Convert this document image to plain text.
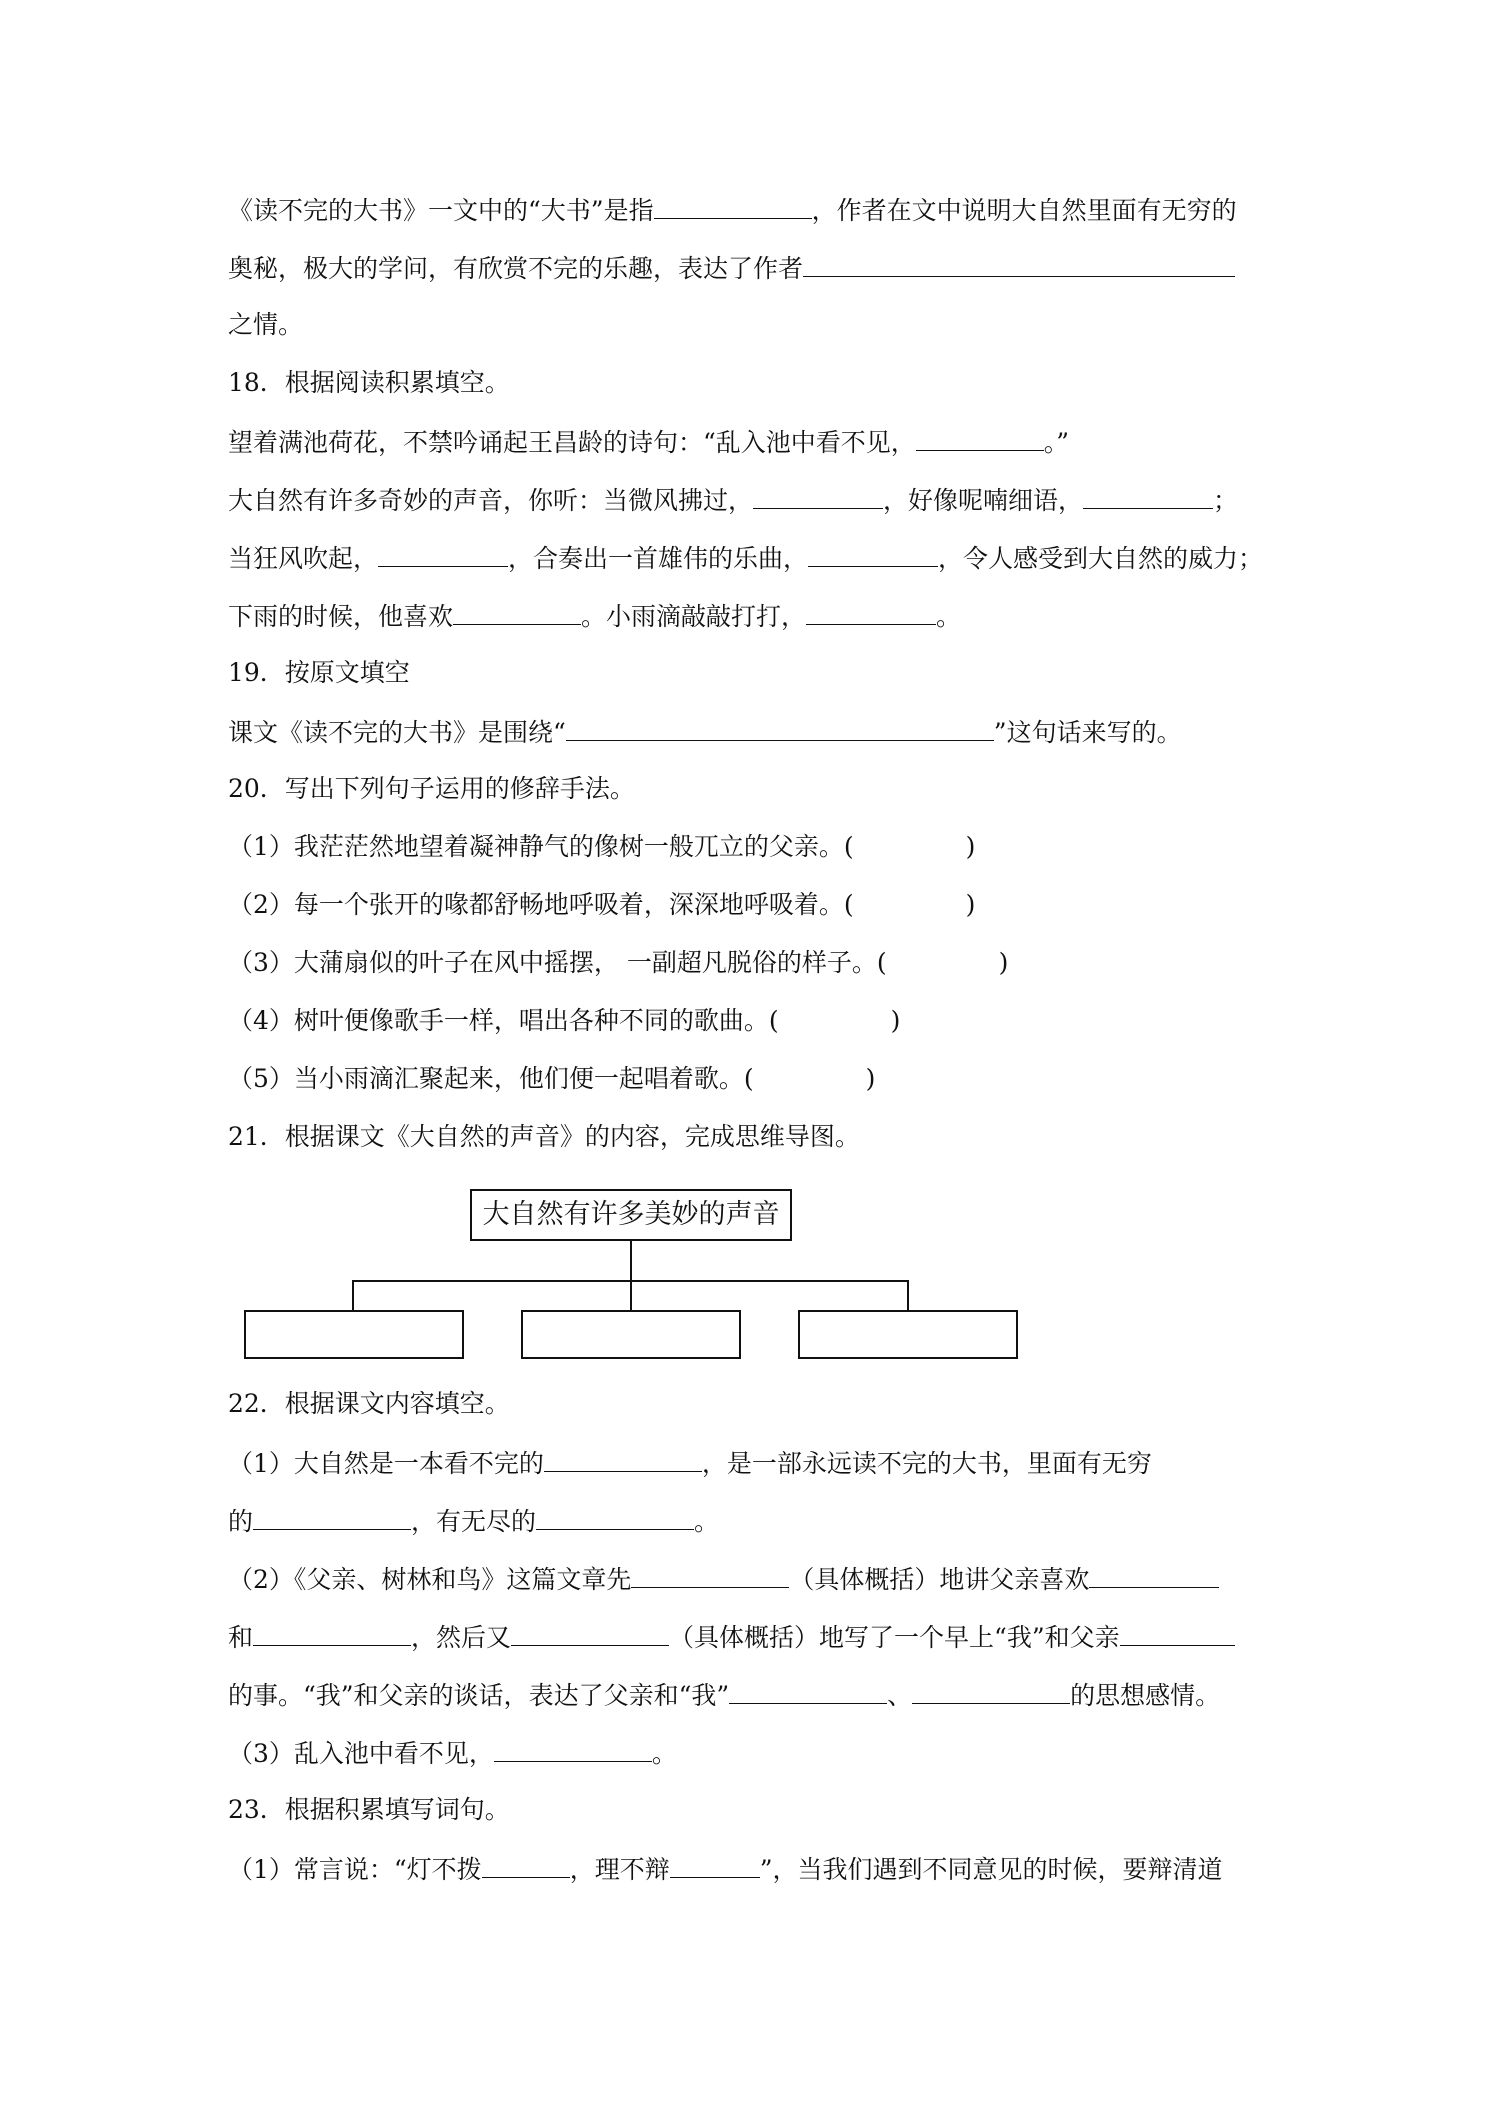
《读不完的大书》一文中的“大书”是指	，作者在文中说明大自然里面有无穷的
奥秘，极大的学问，有欣赏不完的乐趣，表达了作者
之情。
18．根据阅读积累填空。
望着满池荷花，不禁吟诵起王昌龄的诗句：“乱入池中看不见，	。”
大自然有许多奇妙的声音，你听：当微风拂过，	，好像呢喃细语，	；
当狂风吹起，	，合奏出一首雄伟的乐曲，	，令人感受到大自然的威力；
下雨的时候，他喜欢	。小雨滴敲敲打打，	。
19．按原文填空
课文《读不完的大书》是围绕“	”这句话来写的。
20．写出下列句子运用的修辞手法。
（1）我茫茫然地望着凝神静气的像树一般兀立的父亲。(	)
（2）每一个张开的喙都舒畅地呼吸着，深深地呼吸着。(	)
（3）大蒲扇似的叶子在风中摇摆， 一副超凡脱俗的样子。(	)
（4）树叶便像歌手一样，唱出各种不同的歌曲。(	)
（5）当小雨滴汇聚起来，他们便一起唱着歌。(	)
21．根据课文《大自然的声音》的内容，完成思维导图。
大自然有许多美妙的声音
22．根据课文内容填空。
（1）大自然是一本看不完的	，是一部永远读不完的大书，里面有无穷
的	，有无尽的	。
（2）《父亲、树林和鸟》这篇文章先	（具体概括）地讲父亲喜欢
和	，然后又	（具体概括）地写了一个早上“我”和父亲
的事。“我”和父亲的谈话，表达了父亲和“我”	、	的思想感情。
（3）乱入池中看不见，	。
23．根据积累填写词句。
（1）常言说：“灯不拨	，理不辩	”，当我们遇到不同意见的时候，要辩清道
